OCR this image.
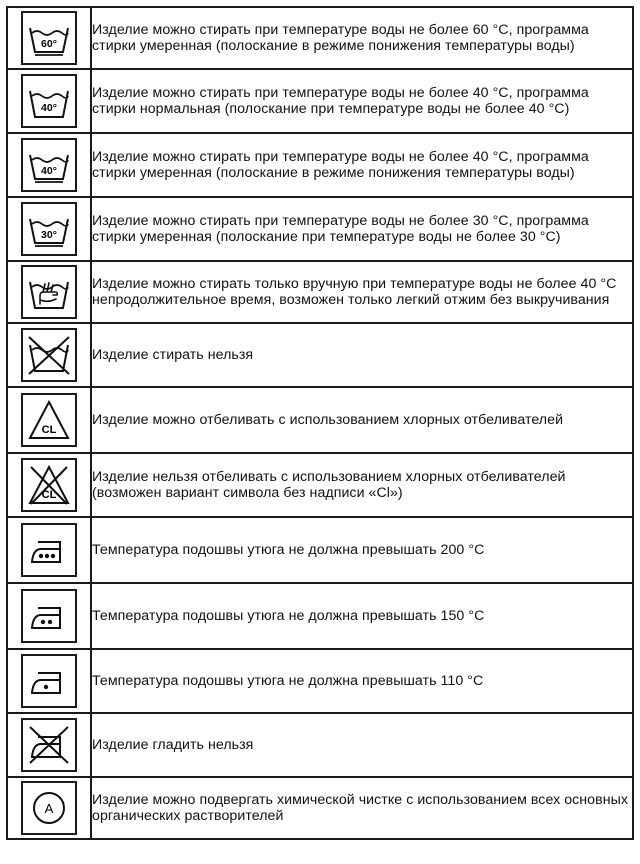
60°	Изделие можно стирать при температуре воды не более 60 °С, программа стирки умеренная (полоскание в режиме понижения температуры воды)

40°	Изделие можно стирать при температуре воды не более 40 °С, программа стирки нормальная (полоскание при температуре воды не более 40 °С)

40°	Изделие можно стирать при температуре воды не более 40 °С, программа стирки умеренная (полоскание в режиме понижения температуры воды)

30°	Изделие можно стирать при температуре воды не более 30 °С, программа стирки умеренная (полоскание при температуре воды не более 30 °С)

	Изделие можно стирать только вручную при температуре воды не более 40 °С непродолжительное время, возможен только легкий отжим без выкручивания

	Изделие стирать нельзя

CL	Изделие можно отбеливать с использованием хлорных отбеливателей

CL	Изделие нельзя отбеливать с использованием хлорных отбеливателей (возможен вариант символа без надписи «Cl»)

	Температура подошвы утюга не должна превышать 200 °С

	Температура подошвы утюга не должна превышать 150 °С

	Температура подошвы утюга не должна превышать 110 °С

	Изделие гладить нельзя

A	Изделие можно подвергать химической чистке с использованием всех основных органических растворителей
